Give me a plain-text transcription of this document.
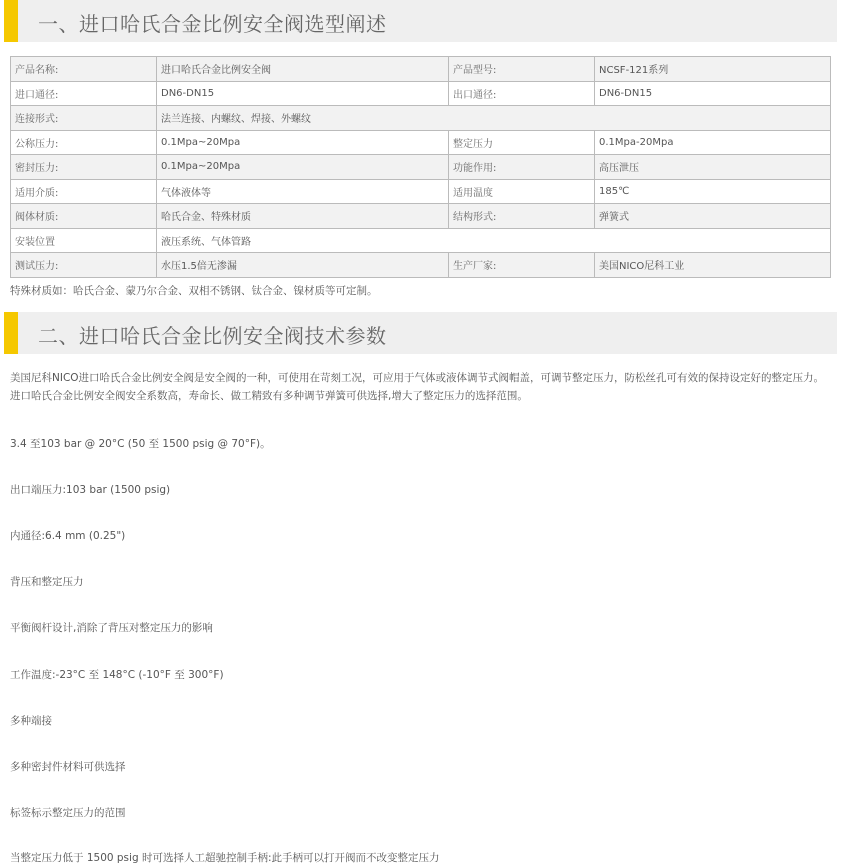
一、进口哈氏合金比例安全阀选型阐述
产品名称:	进口哈氏合金比例安全阀	产品型号:	NCSF-121系列
进口通径:	DN6-DN15	出口通径:	DN6-DN15
连接形式:	法兰连接、内螺纹、焊接、外螺纹		
公称压力:	0.1Mpa~20Mpa	整定压力	0.1Mpa-20Mpa
密封压力:	0.1Mpa~20Mpa	功能作用:	高压泄压
适用介质:	气体液体等	适用温度	185℃
阀体材质:	哈氏合金、特殊材质	结构形式:	弹簧式
安装位置	液压系统、气体管路		
测试压力:	水压1.5倍无渗漏	生产厂家:	美国NICO尼科工业
特殊材质如：哈氏合金、蒙乃尔合金、双相不锈钢、钛合金、镍材质等可定制。
二、进口哈氏合金比例安全阀技术参数
美国尼科NICO进口哈氏合金比例安全阀是安全阀的一种，可使用在苛刻工况，可应用于气体或液体调节式阀帽盖，可调节整定压力，防松丝孔可有效的保持设定好的整定压力。进口哈氏合金比例安全阀安全系数高，寿命长、做工精致有多种调节弹簧可供选择,增大了整定压力的选择范围。
3.4 至103 bar @ 20°C (50 至 1500 psig @ 70°F)。
出口端压力:103 bar (1500 psig)
内通径:6.4 mm (0.25")
背压和整定压力
平衡阀杆设计,消除了背压对整定压力的影响
工作温度:-23°C 至 148°C (-10°F 至 300°F)
多种端接
多种密封件材料可供选择
标签标示整定压力的范围
当整定压力低于 1500 psig 时可选择人工超驰控制手柄:此手柄可以打开阀而不改变整定压力
